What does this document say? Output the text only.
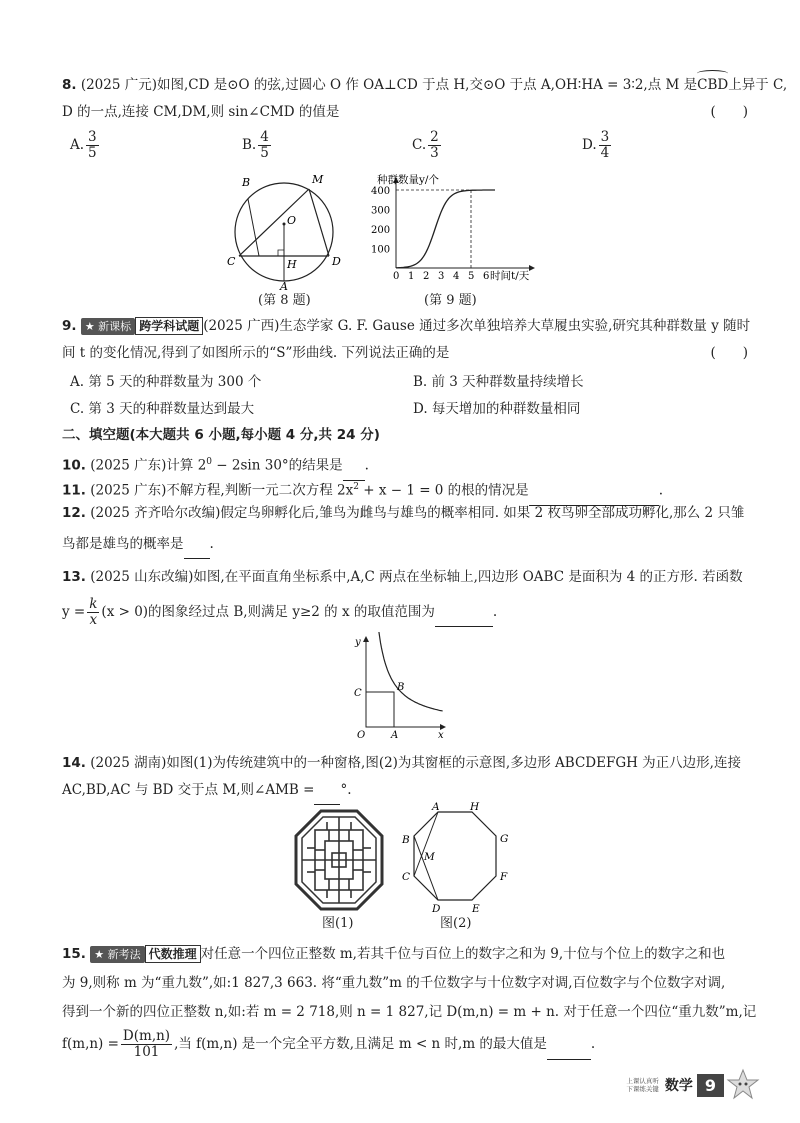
8. (2025 广元)如图,CD 是⊙O 的弦,过圆心 O 作 OA⊥CD 于点 H,交⊙O 于点 A,OH∶HA = 3∶2,点 M 是
CBD上异于 C,
D 的一点,连接 CM,DM,则 sin∠CMD 的值是	(　　)
A. $\frac{3}{5}$	B. $\frac{4}{5}$	C. $\frac{2}{3}$	D. $\frac{3}{4}$
B	M
O
C	H	D
A
(第 8 题)
0 1 2 3 4 5 6
400
300
200
100
种群数量y/个
时间t/天
(第 9 题)
9. ★ 新课标 跨学科试题 (2025 广西)生态学家 G. F. Gause 通过多次单独培养大草履虫实验,研究其种群数量 y 随时
间 t 的变化情况,得到了如图所示的“S”形曲线. 下列说法正确的是	(　　)
A. 第 5 天的种群数量为 300 个	B. 前 3 天种群数量持续增长
C. 第 3 天的种群数量达到最大	D. 每天增加的种群数量相同
二、填空题(本大题共 6 小题,每小题 4 分,共 24 分)
10. (2025 广东)计算 $2^0 - 2\sin$ 30°的结果是 .
11. (2025 广东)不解方程,判断一元二次方程 $2x^2 + x - 1 = 0$ 的根的情况是	.
12. (2025 齐齐哈尔改编)假定鸟卵孵化后,雏鸟为雌鸟与雄鸟的概率相同. 如果 2 枚鸟卵全部成功孵化,那么 2 只雏
鸟都是雄鸟的概率是 .
13. (2025 山东改编)如图,在平面直角坐标系中,A,C 两点在坐标轴上,四边形 OABC 是面积为 4 的正方形. 若函数
$y = \frac{k}{x} (x > 0)$的图象经过点 B,则满足 y≥2 的 x 的取值范围为	.
y
x
C
B
O	A
14. (2025 湖南)如图(1)为传统建筑中的一种窗格,图(2)为其窗框的示意图,多边形 ABCDEFGH 为正八边形,连接
AC,BD,AC 与 BD 交于点 M,则∠AMB = °.
图(1)
A	H
B	G
M
C	F
D	E
图(2)
15. ★ 新考法 代数推理 对任意一个四位正整数 m,若其千位与百位上的数字之和为 9,十位与个位上的数字之和也
为 9,则称 m 为“重九数”,如:1 827,3 663. 将“重九数”m 的千位数字与十位数字对调,百位数字与个位数字对调,
得到一个新的四位正整数 n,如:若 m = 2 718,则 n = 1 827,记 D(m,n) = m + n. 对于任意一个四位“重九数”m,记
$f(m,n) = \frac{D(m,n)}{101}$ ,当 f(m,n) 是一个完全平方数,且满足 m < n 时,m 的最大值是	.
上课认真听
下课练关键 数学 9
